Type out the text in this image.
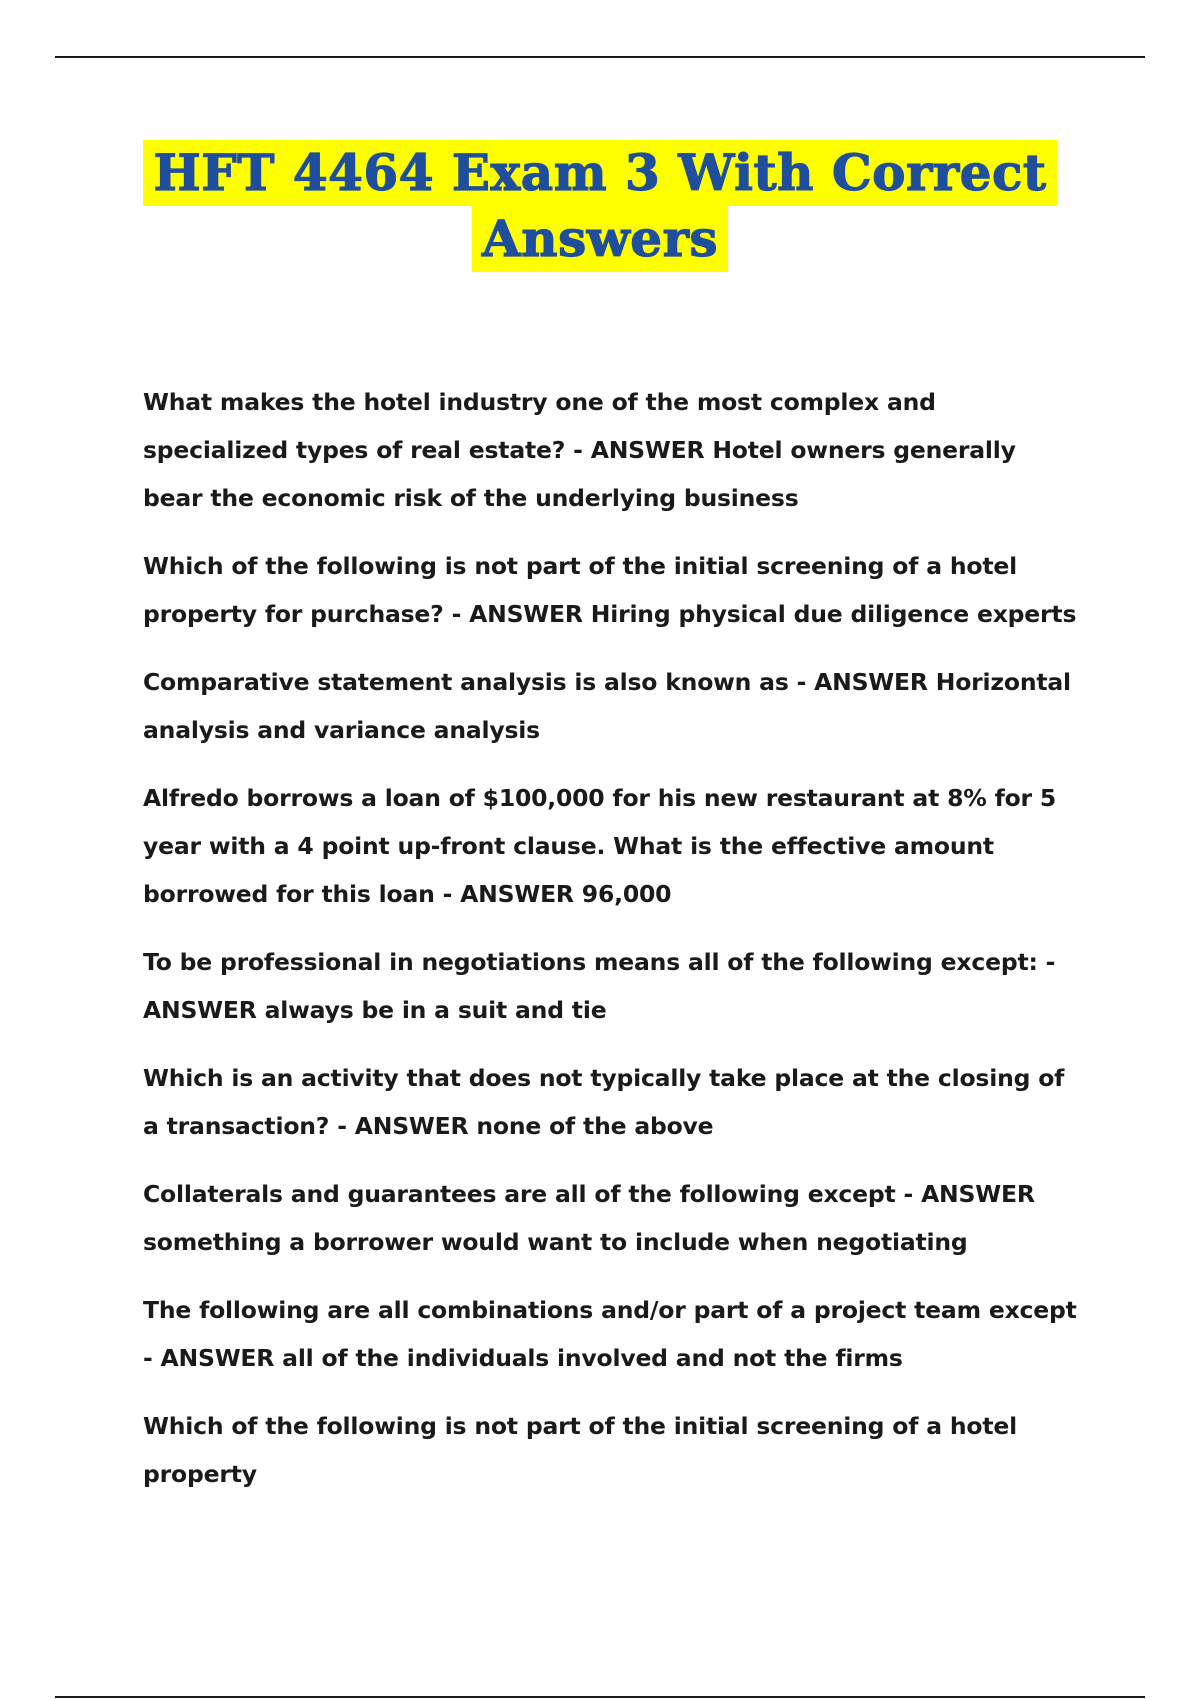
HFT 4464 Exam 3 With Correct
Answers

What makes the hotel industry one of the most complex and specialized types of real estate? - ANSWER Hotel owners generally bear the economic risk of the underlying business

Which of the following is not part of the initial screening of a hotel property for purchase? - ANSWER Hiring physical due diligence experts

Comparative statement analysis is also known as - ANSWER Horizontal analysis and variance analysis

Alfredo borrows a loan of $100,000 for his new restaurant at 8% for 5 year with a 4 point up-front clause. What is the effective amount borrowed for this loan - ANSWER 96,000

To be professional in negotiations means all of the following except: - ANSWER always be in a suit and tie

Which is an activity that does not typically take place at the closing of a transaction? - ANSWER none of the above

Collaterals and guarantees are all of the following except - ANSWER something a borrower would want to include when negotiating

The following are all combinations and/or part of a project team except - ANSWER all of the individuals involved and not the firms

Which of the following is not part of the initial screening of a hotel property
